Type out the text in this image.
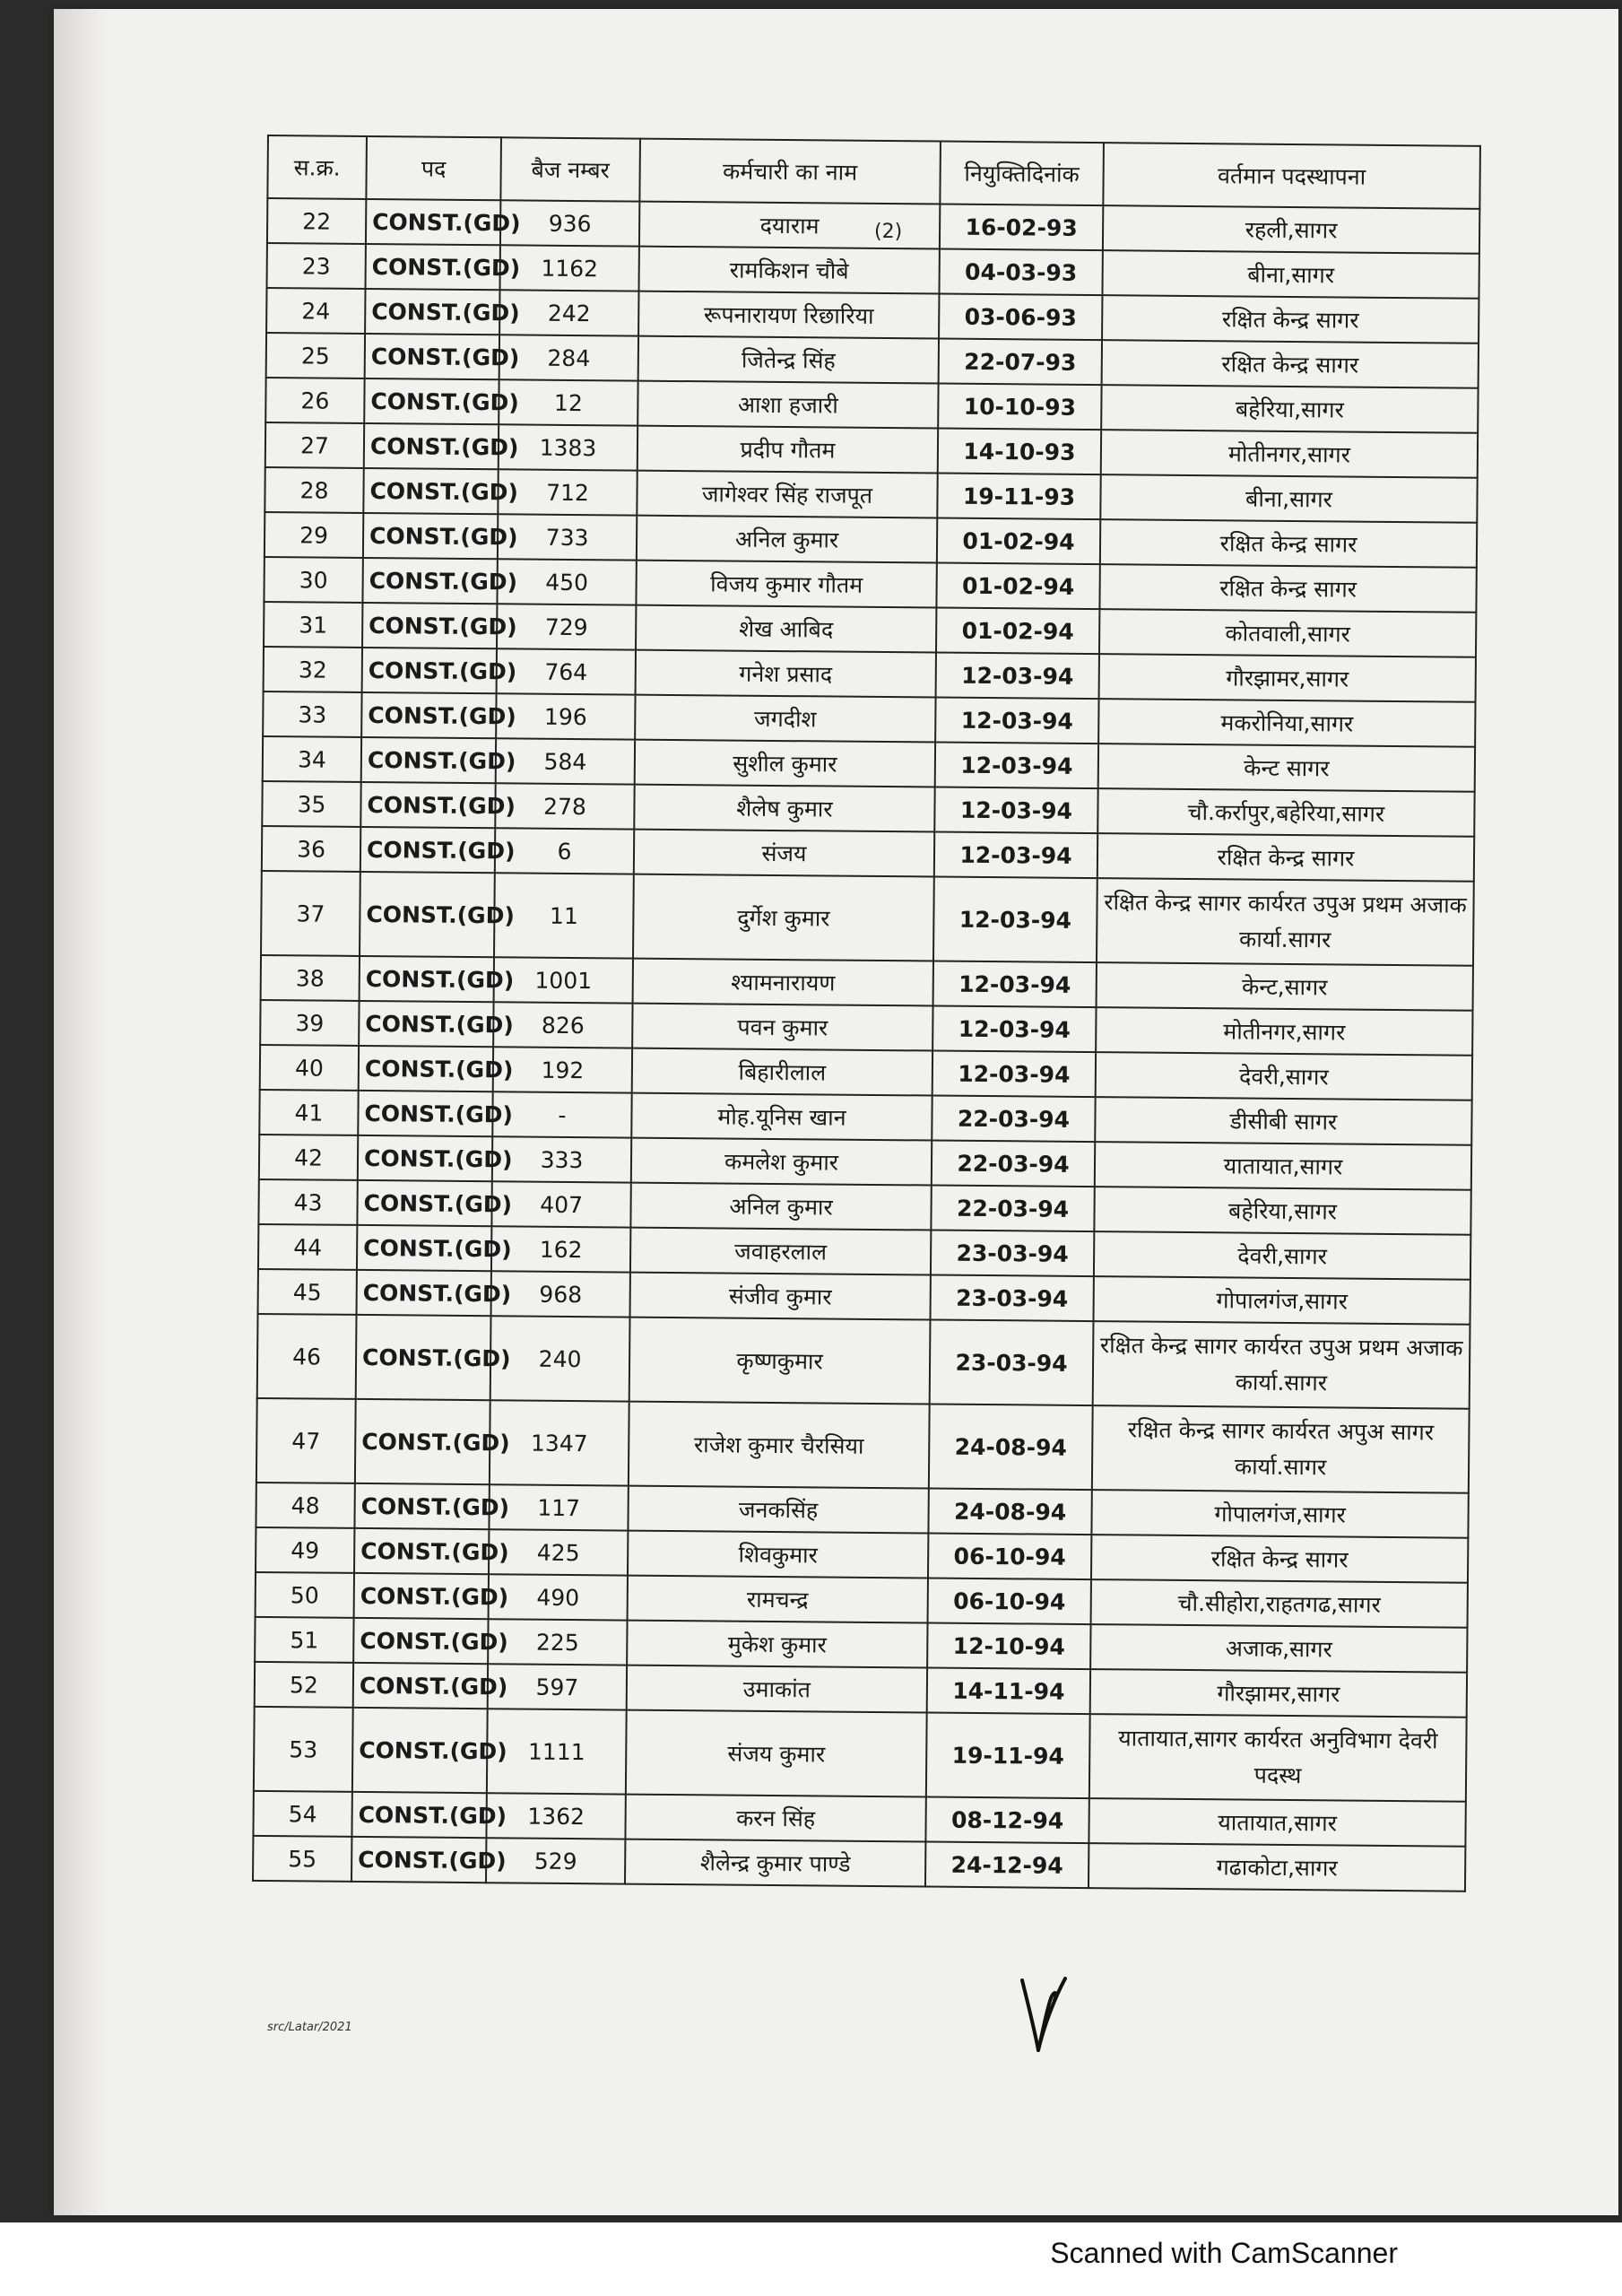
(2)
स.क्र.	पद	बैज नम्बर	कर्मचारी का नाम	नियुक्तिदिनांक	वर्तमान पदस्थापना
22	CONST.(GD)	936	दयाराम	16-02-93	रहली,सागर
23	CONST.(GD)	1162	रामकिशन चौबे	04-03-93	बीना,सागर
24	CONST.(GD)	242	रूपनारायण रिछारिया	03-06-93	रक्षित केन्द्र सागर
25	CONST.(GD)	284	जितेन्द्र सिंह	22-07-93	रक्षित केन्द्र सागर
26	CONST.(GD)	12	आशा हजारी	10-10-93	बहेरिया,सागर
27	CONST.(GD)	1383	प्रदीप गौतम	14-10-93	मोतीनगर,सागर
28	CONST.(GD)	712	जागेश्वर सिंह राजपूत	19-11-93	बीना,सागर
29	CONST.(GD)	733	अनिल कुमार	01-02-94	रक्षित केन्द्र सागर
30	CONST.(GD)	450	विजय कुमार गौतम	01-02-94	रक्षित केन्द्र सागर
31	CONST.(GD)	729	शेख आबिद	01-02-94	कोतवाली,सागर
32	CONST.(GD)	764	गनेश प्रसाद	12-03-94	गौरझामर,सागर
33	CONST.(GD)	196	जगदीश	12-03-94	मकरोनिया,सागर
34	CONST.(GD)	584	सुशील कुमार	12-03-94	केन्ट सागर
35	CONST.(GD)	278	शैलेष कुमार	12-03-94	चौ.कर्रापुर,बहेरिया,सागर
36	CONST.(GD)	6	संजय	12-03-94	रक्षित केन्द्र सागर
37	CONST.(GD)	11	दुर्गेश कुमार	12-03-94	रक्षित केन्द्र सागर कार्यरत उपुअ प्रथम अजाक कार्या.सागर
38	CONST.(GD)	1001	श्यामनारायण	12-03-94	केन्ट,सागर
39	CONST.(GD)	826	पवन कुमार	12-03-94	मोतीनगर,सागर
40	CONST.(GD)	192	बिहारीलाल	12-03-94	देवरी,सागर
41	CONST.(GD)	-	मोह.यूनिस खान	22-03-94	डीसीबी सागर
42	CONST.(GD)	333	कमलेश कुमार	22-03-94	यातायात,सागर
43	CONST.(GD)	407	अनिल कुमार	22-03-94	बहेरिया,सागर
44	CONST.(GD)	162	जवाहरलाल	23-03-94	देवरी,सागर
45	CONST.(GD)	968	संजीव कुमार	23-03-94	गोपालगंज,सागर
46	CONST.(GD)	240	कृष्णकुमार	23-03-94	रक्षित केन्द्र सागर कार्यरत उपुअ प्रथम अजाक कार्या.सागर
47	CONST.(GD)	1347	राजेश कुमार चैरसिया	24-08-94	रक्षित केन्द्र सागर कार्यरत अपुअ सागर कार्या.सागर
48	CONST.(GD)	117	जनकसिंह	24-08-94	गोपालगंज,सागर
49	CONST.(GD)	425	शिवकुमार	06-10-94	रक्षित केन्द्र सागर
50	CONST.(GD)	490	रामचन्द्र	06-10-94	चौ.सीहोरा,राहतगढ,सागर
51	CONST.(GD)	225	मुकेश कुमार	12-10-94	अजाक,सागर
52	CONST.(GD)	597	उमाकांत	14-11-94	गौरझामर,सागर
53	CONST.(GD)	1111	संजय कुमार	19-11-94	यातायात,सागर कार्यरत अनुविभाग देवरी पदस्थ
54	CONST.(GD)	1362	करन सिंह	08-12-94	यातायात,सागर
55	CONST.(GD)	529	शैलेन्द्र कुमार पाण्डे	24-12-94	गढाकोटा,सागर
src/Latar/2021
Scanned with CamScanner
